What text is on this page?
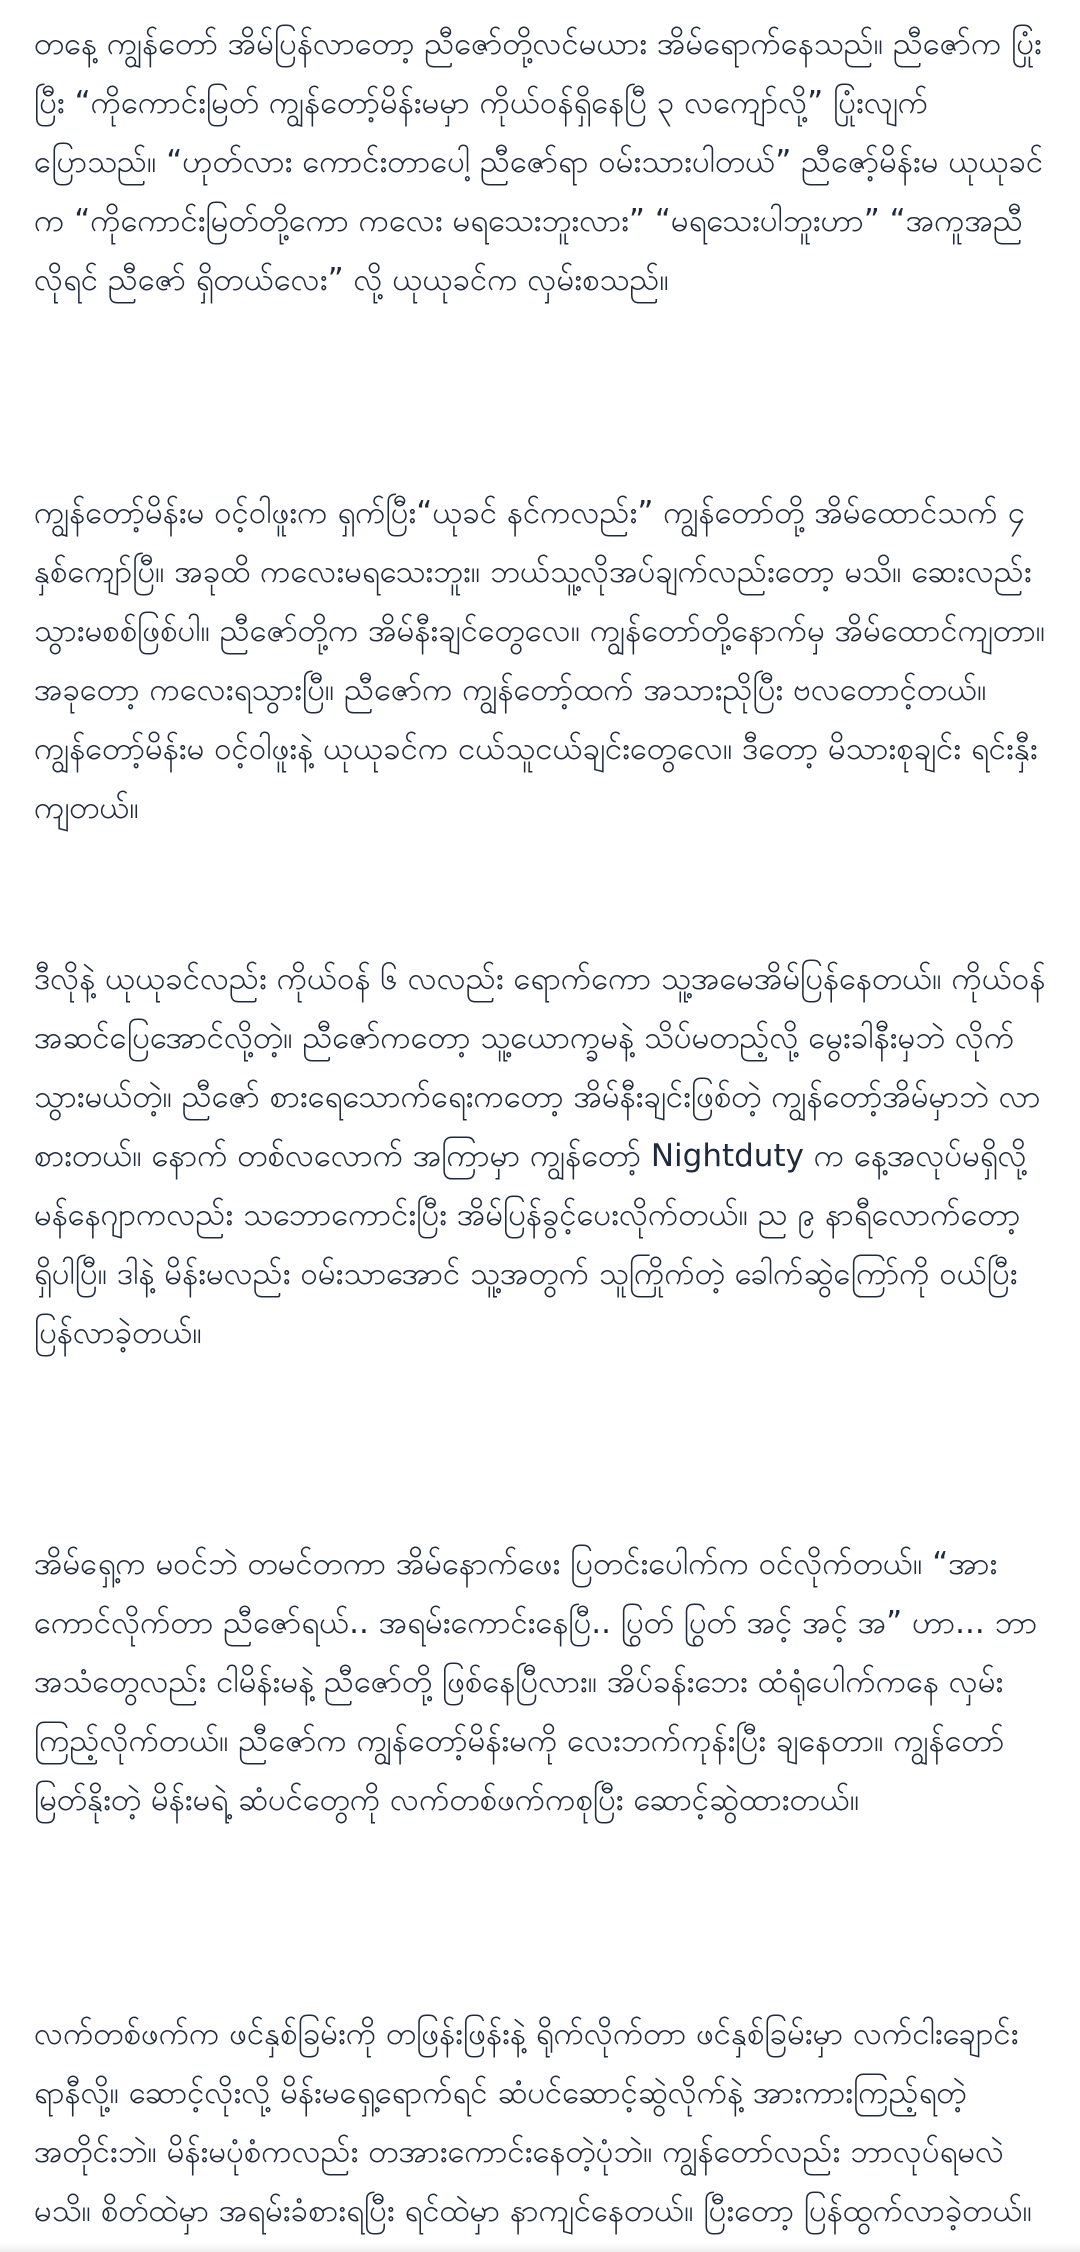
တနေ့ ကျွန်တော် အိမ်ပြန်လာတော့ ညီဇော်တို့လင်မယား အိမ်ရောက်နေသည်။ ညီဇော်က ပြုံးပြီး “ကိုကောင်းမြတ် ကျွန်တော့်မိန်းမမှာ ကိုယ်ဝန်ရှိနေပြီ ၃ လကျော်လို့” ပြုံးလျက်ပြောသည်။ “ဟုတ်လား ကောင်းတာပေါ့ ညီဇော်ရာ ဝမ်းသားပါတယ်” ညီဇော့်မိန်းမ ယုယုခင်က “ကိုကောင်းမြတ်တို့ကော ကလေး မရသေးဘူးလား” “မရသေးပါဘူးဟာ” “အကူအညီလိုရင် ညီဇော် ရှိတယ်လေး” လို့ ယုယုခင်က လှမ်းစသည်။

ကျွန်တော့်မိန်းမ ဝင့်ဝါဖူးက ရှက်ပြီး“ယုခင် နင်ကလည်း” ကျွန်တော်တို့ အိမ်ထောင်သက် ၄ နှစ်ကျော်ပြီ။ အခုထိ ကလေးမရသေးဘူး။ ဘယ်သူ့လိုအပ်ချက်လည်းတော့ မသိ။ ဆေးလည်း သွားမစစ်ဖြစ်ပါ။ ညီဇော်တို့က အိမ်နီးချင်တွေလေ။ ကျွန်တော်တို့နောက်မှ အိမ်ထောင်ကျတာ။ အခုတော့ ကလေးရသွားပြီ။ ညီဇော်က ကျွန်တော့်ထက် အသားညိုပြီး ဗလတောင့်တယ်။ ကျွန်တော့်မိန်းမ ဝင့်ဝါဖူးနဲ့ ယုယုခင်က ငယ်သူငယ်ချင်းတွေလေ။ ဒီတော့ မိသားစုချင်း ရင်းနှီးကျတယ်။

ဒီလိုနဲ့ ယုယုခင်လည်း ကိုယ်ဝန် ၆ လလည်း ရောက်ကော သူ့အမေအိမ်ပြန်နေတယ်။ ကိုယ်ဝန် အဆင်ပြေအောင်လို့တဲ့။ ညီဇော်ကတော့ သူ့ယောက္ခမနဲ့ သိပ်မတည့်လို့ မွေးခါနီးမှဘဲ လိုက်သွားမယ်တဲ့။ ညီဇော် စားရေသောက်ရေးကတော့ အိမ်နီးချင်းဖြစ်တဲ့ ကျွန်တော့်အိမ်မှာဘဲ လာစားတယ်။ နောက် တစ်လလောက် အကြာမှာ ကျွန်တော့် Nightduty က နေ့အလုပ်မရှိလို့ မန်နေဂျာကလည်း သဘောကောင်းပြီး အိမ်ပြန်ခွင့်ပေးလိုက်တယ်။ ည ၉ နာရီလောက်တော့ ရှိပါပြီ။ ဒါနဲ့ မိန်းမလည်း ဝမ်းသာအောင် သူ့အတွက် သူကြိုက်တဲ့ ခေါက်ဆွဲကြော်ကို ဝယ်ပြီး ပြန်လာခဲ့တယ်။

အိမ်ရှေ့က မဝင်ဘဲ တမင်တကာ အိမ်နောက်ဖေး ပြတင်းပေါက်က ဝင်လိုက်တယ်။ “အား ကောင်လိုက်တာ ညီဇော်ရယ်.. အရမ်းကောင်းနေပြီ.. ပြွတ် ပြွတ် အင့် အင့် အ” ဟာ... ဘာအသံတွေလည်း ငါမိန်းမနဲ့ ညီဇော်တို့ ဖြစ်နေပြီလား။ အိပ်ခန်းဘေး ထံရုံပေါက်ကနေ လှမ်းကြည့်လိုက်တယ်။ ညီဇော်က ကျွန်တော့်မိန်းမကို လေးဘက်ကုန်းပြီး ချနေတာ။ ကျွန်တော်မြတ်နိုးတဲ့ မိန်းမရဲ့ ဆံပင်တွေကို လက်တစ်ဖက်ကစုပြီး ဆောင့်ဆွဲထားတယ်။

လက်တစ်ဖက်က ဖင်နှစ်ခြမ်းကို တဖြန်းဖြန်းနဲ့ ရိုက်လိုက်တာ ဖင်နှစ်ခြမ်းမှာ လက်ငါးချောင်းရာနီလို့။ ဆောင့်လိုးလို့ မိန်းမရှေ့ရောက်ရင် ဆံပင်ဆောင့်ဆွဲလိုက်နဲ့ အားကားကြည့်ရတဲ့ အတိုင်းဘဲ။ မိန်းမပုံစံကလည်း တအားကောင်းနေတဲ့ပုံဘဲ။ ကျွန်တော်လည်း ဘာလုပ်ရမလဲ မသိ။ စိတ်ထဲမှာ အရမ်းခံစားရပြီး ရင်ထဲမှာ နာကျင်နေတယ်။ ပြီးတော့ ပြန်ထွက်လာခဲ့တယ်။
